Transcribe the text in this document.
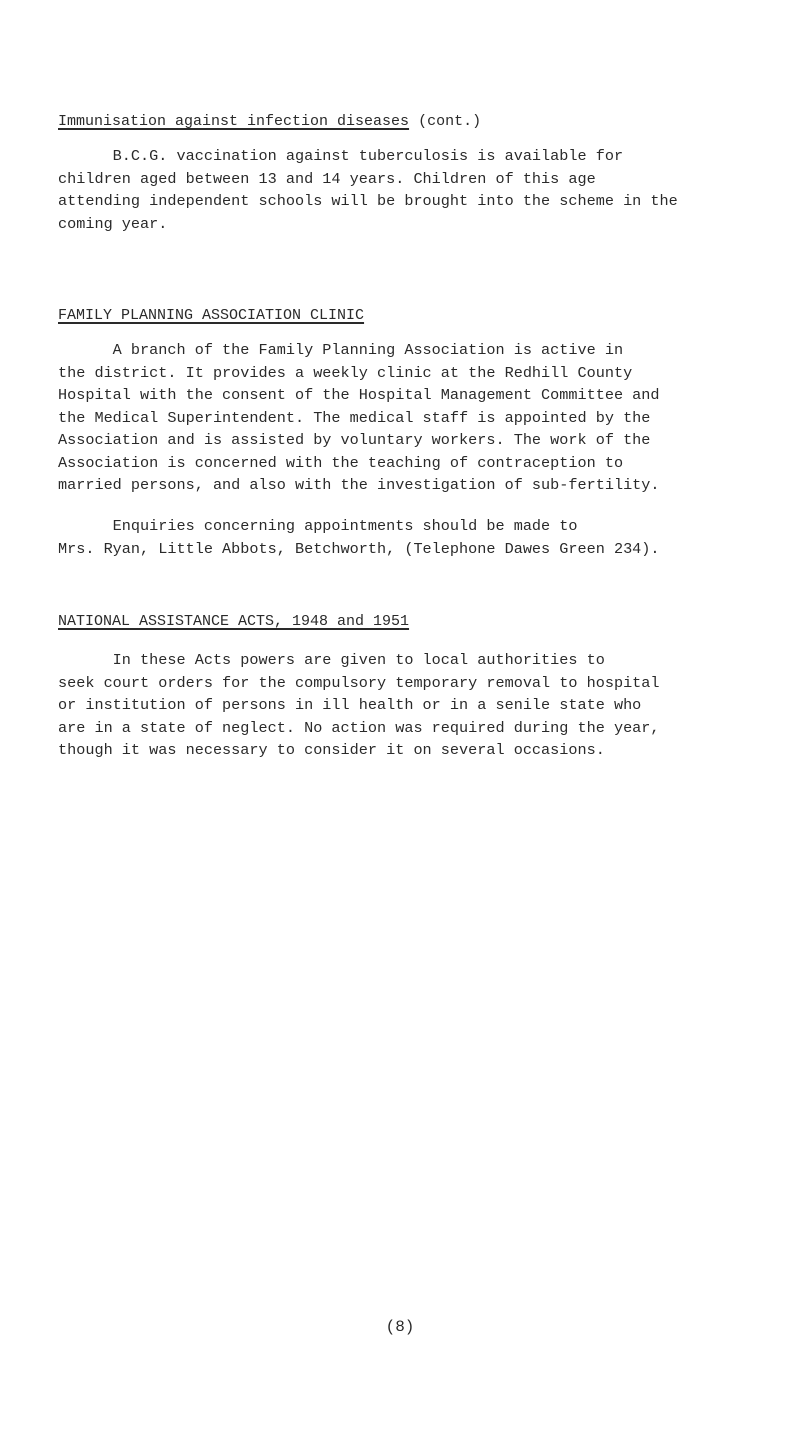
Immunisation against infection diseases (cont.)
B.C.G. vaccination against tuberculosis is available for
children aged between 13 and 14 years. Children of this age
attending independent schools will be brought into the scheme in the
coming year.
FAMILY PLANNING ASSOCIATION CLINIC
A branch of the Family Planning Association is active in
the district. It provides a weekly clinic at the Redhill County
Hospital with the consent of the Hospital Management Committee and
the Medical Superintendent. The medical staff is appointed by the
Association and is assisted by voluntary workers. The work of the
Association is concerned with the teaching of contraception to
married persons, and also with the investigation of sub-fertility.
Enquiries concerning appointments should be made to
Mrs. Ryan, Little Abbots, Betchworth, (Telephone Dawes Green 234).
NATIONAL ASSISTANCE ACTS, 1948 and 1951
In these Acts powers are given to local authorities to
seek court orders for the compulsory temporary removal to hospital
or institution of persons in ill health or in a senile state who
are in a state of neglect. No action was required during the year,
though it was necessary to consider it on several occasions.
(8)
